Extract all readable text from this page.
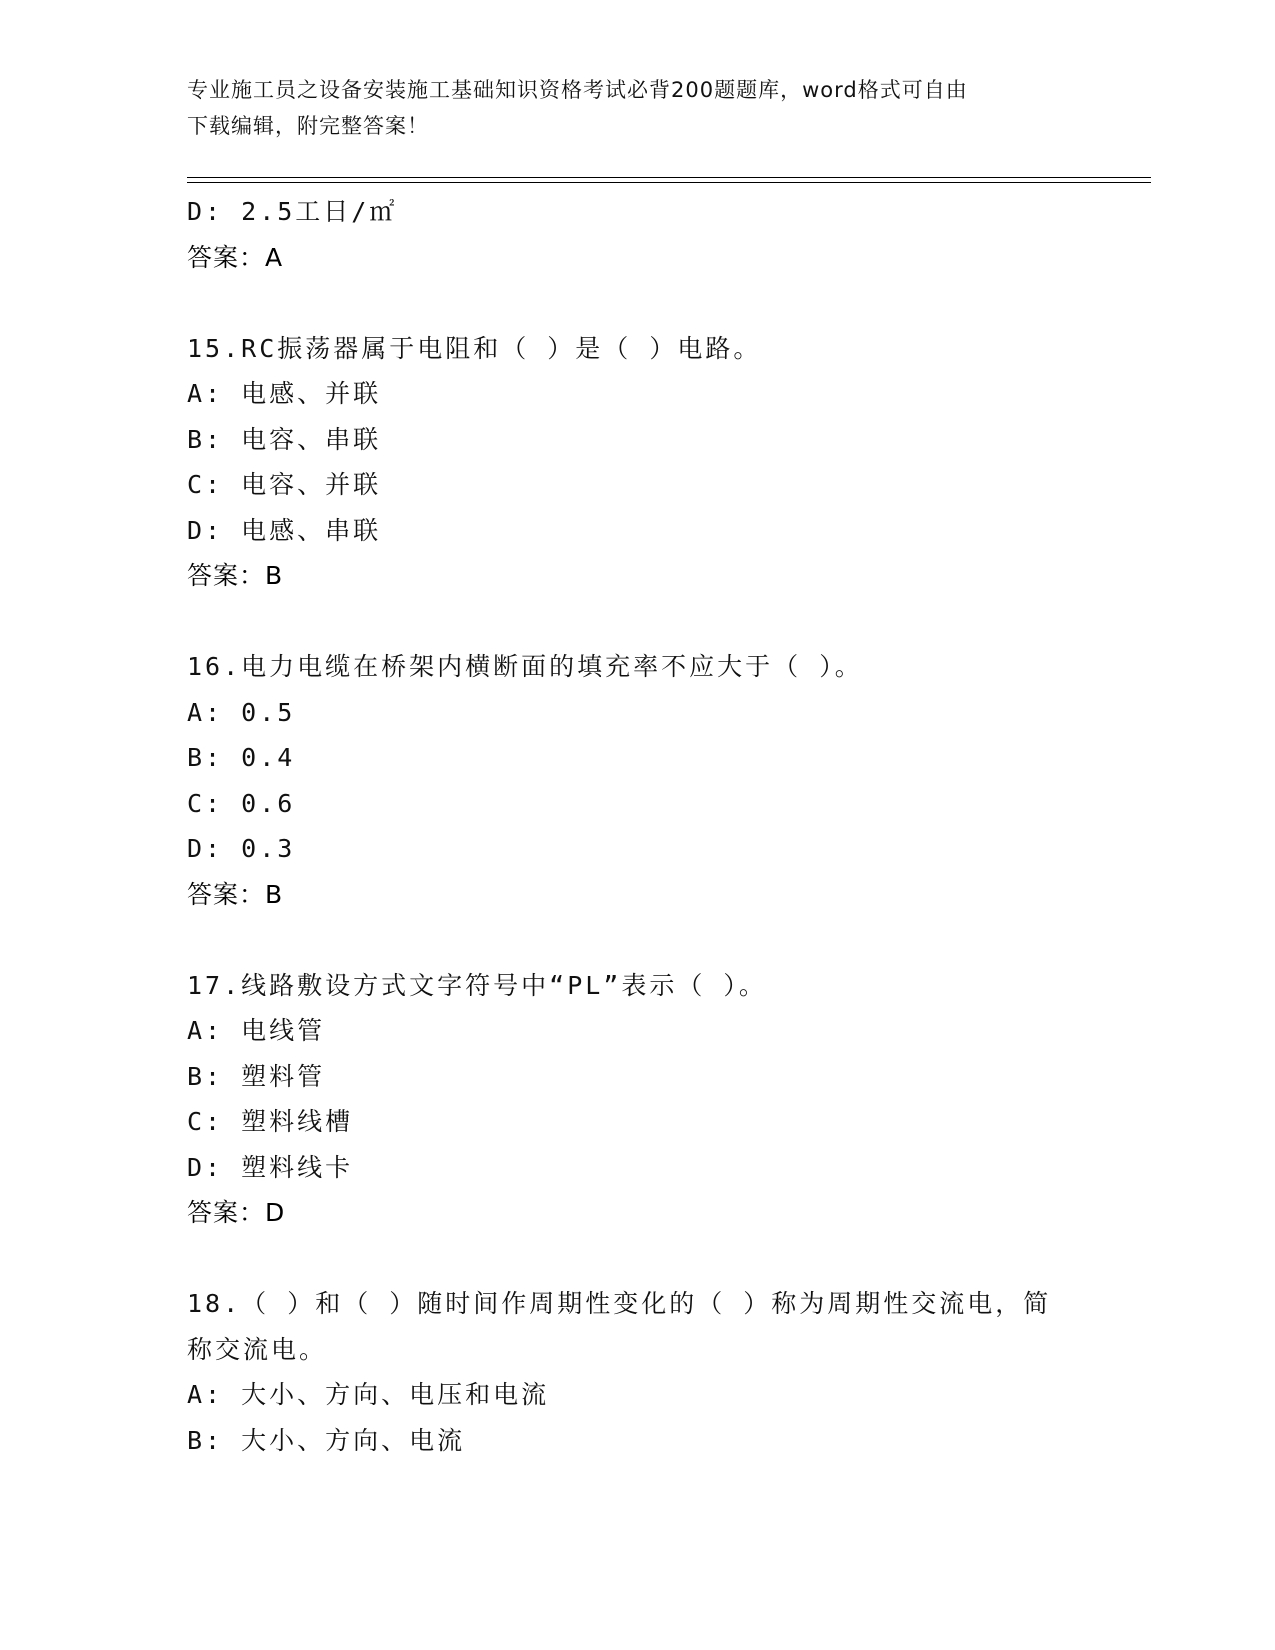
专业施工员之设备安装施工基础知识资格考试必背200题题库，word格式可自由
下载编辑，附完整答案！
D: 2.5工日/㎡
答案：A
15.RC振荡器属于电阻和（ ）是（ ）电路。
A: 电感、并联
B: 电容、串联
C: 电容、并联
D: 电感、串联
答案：B
16.电力电缆在桥架内横断面的填充率不应大于（ ）。
A: 0.5
B: 0.4
C: 0.6
D: 0.3
答案：B
17.线路敷设方式文字符号中“PL”表示（ ）。
A: 电线管
B: 塑料管
C: 塑料线槽
D: 塑料线卡
答案：D
18.（ ）和（ ）随时间作周期性变化的（ ）称为周期性交流电，简
称交流电。
A: 大小、方向、电压和电流
B: 大小、方向、电流
